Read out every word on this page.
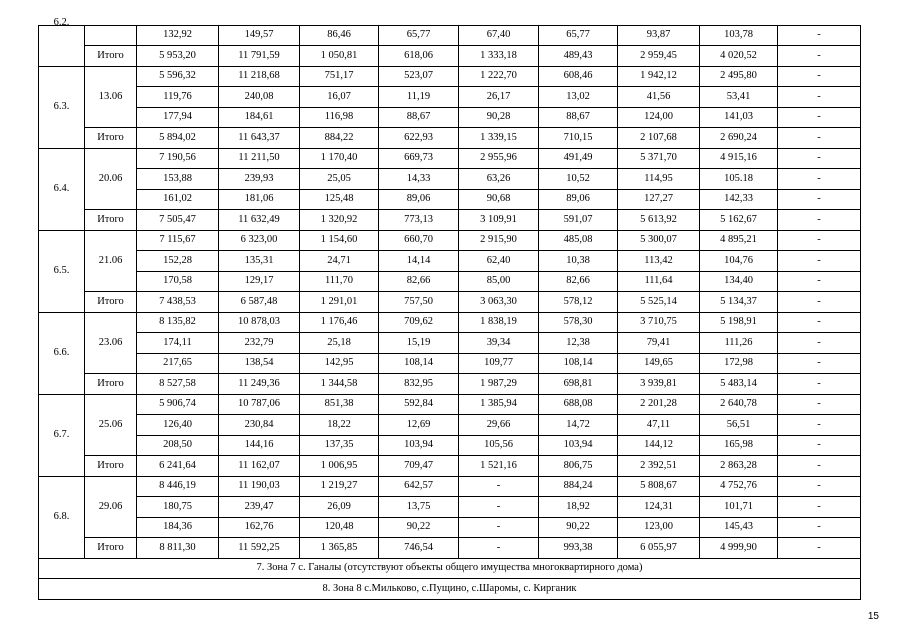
6.2.		132,92	149,57	86,46	65,77	67,40	65,77	93,87	103,78	-
	Итого	5 953,20	11 791,59	1 050,81	618,06	1 333,18	489,43	2 959,45	4 020,52	-
6.3.	13.06	5 596,32	11 218,68	751,17	523,07	1 222,70	608,46	1 942,12	2 495,80	-
		119,76	240,08	16,07	11,19	26,17	13,02	41,56	53,41	-
		177,94	184,61	116,98	88,67	90,28	88,67	124,00	141,03	-
	Итого	5 894,02	11 643,37	884,22	622,93	1 339,15	710,15	2 107,68	2 690,24	-
6.4.	20.06	7 190,56	11 211,50	1 170,40	669,73	2 955,96	491,49	5 371,70	4 915,16	-
		153,88	239,93	25,05	14,33	63,26	10,52	114,95	105.18	-
		161,02	181,06	125,48	89,06	90,68	89,06	127,27	142,33	-
	Итого	7 505,47	11 632,49	1 320,92	773,13	3 109,91	591,07	5 613,92	5 162,67	-
6.5.	21.06	7 115,67	6 323,00	1 154,60	660,70	2 915,90	485,08	5 300,07	4 895,21	-
		152,28	135,31	24,71	14,14	62,40	10,38	113,42	104,76	-
		170,58	129,17	111,70	82,66	85,00	82,66	111,64	134,40	-
	Итого	7 438,53	6 587,48	1 291,01	757,50	3 063,30	578,12	5 525,14	5 134,37	-
6.6.	23.06	8 135,82	10 878,03	1 176,46	709,62	1 838,19	578,30	3 710,75	5 198,91	-
		174,11	232,79	25,18	15,19	39,34	12,38	79,41	111,26	-
		217,65	138,54	142,95	108,14	109,77	108,14	149,65	172,98	-
	Итого	8 527,58	11 249,36	1 344,58	832,95	1 987,29	698,81	3 939,81	5 483,14	-
6.7.	25.06	5 906,74	10 787,06	851,38	592,84	1 385,94	688,08	2 201,28	2 640,78	-
		126,40	230,84	18,22	12,69	29,66	14,72	47,11	56,51	-
		208,50	144,16	137,35	103,94	105,56	103,94	144,12	165,98	-
	Итого	6 241,64	11 162,07	1 006,95	709,47	1 521,16	806,75	2 392,51	2 863,28	-
6.8.	29.06	8 446,19	11 190,03	1 219,27	642,57	-	884,24	5 808,67	4 752,76	-
		180,75	239,47	26,09	13,75	-	18,92	124,31	101,71	-
		184,36	162,76	120,48	90,22	-	90,22	123,00	145,43	-
	Итого	8 811,30	11 592,25	1 365,85	746,54	-	993,38	6 055,97	4 999,90	-
7. Зона 7 с. Ганалы (отсутствуют объекты общего имущества многоквартирного дома)										
8. Зона 8 с.Мильково, с.Пущино, с.Шаромы, с. Кирганик										
15
